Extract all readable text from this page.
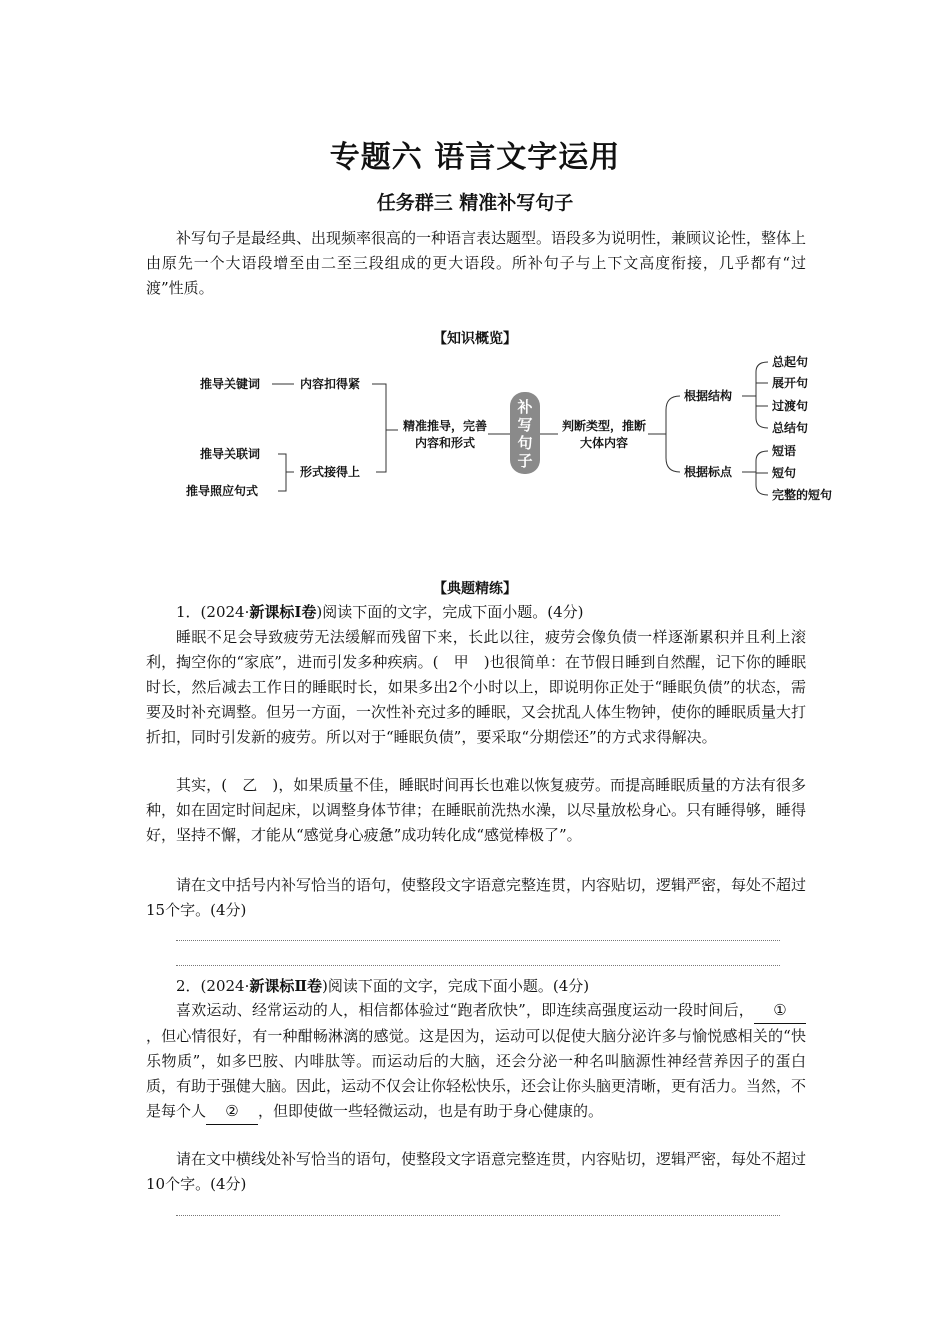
专题六 语言文字运用
任务群三 精准补写句子

补写句子是最经典、出现频率很高的一种语言表达题型。语段多为说明性，兼顾议论性，整体上由原先一个大语段增至由二至三段组成的更大语段。所补句子与上下文高度衔接，几乎都有“过渡”性质。

【知识概览】
推导关键词	内容扣得紧
推导关联词
推导照应句式
形式接得上
精准推导，完善内容和形式
补
写
句
子
判断类型，推断大体内容
根据结构
根据标点
总起句
展开句
过渡句
总结句
短语
短句
完整的短句
【典题精练】
1．(2024·新课标Ⅰ卷)阅读下面的文字，完成下面小题。(4分)

睡眠不足会导致疲劳无法缓解而残留下来，长此以往，疲劳会像负债一样逐渐累积并且利上滚利，掏空你的“家底”，进而引发多种疾病。(　甲　)也很简单：在节假日睡到自然醒，记下你的睡眠时长，然后减去工作日的睡眠时长，如果多出2个小时以上，即说明你正处于“睡眠负债”的状态，需要及时补充调整。但另一方面，一次性补充过多的睡眠，又会扰乱人体生物钟，使你的睡眠质量大打折扣，同时引发新的疲劳。所以对于“睡眠负债”，要采取“分期偿还”的方式求得解决。

其实，(　乙　)，如果质量不佳，睡眠时间再长也难以恢复疲劳。而提高睡眠质量的方法有很多种，如在固定时间起床，以调整身体节律；在睡眠前洗热水澡，以尽量放松身心。只有睡得够，睡得好，坚持不懈，才能从“感觉身心疲惫”成功转化成“感觉棒极了”。

请在文中括号内补写恰当的语句，使整段文字语意完整连贯，内容贴切，逻辑严密，每处不超过15个字。(4分)

2．(2024·新课标Ⅱ卷)阅读下面的文字，完成下面小题。(4分)

喜欢运动、经常运动的人，相信都体验过“跑者欣快”，即连续高强度运动一段时间后， ①，但心情很好，有一种酣畅淋漓的感觉。这是因为，运动可以促使大脑分泌许多与愉悦感相关的“快乐物质”，如多巴胺、内啡肽等。而运动后的大脑，还会分泌一种名叫脑源性神经营养因子的蛋白质，有助于强健大脑。因此，运动不仅会让你轻松快乐，还会让你头脑更清晰，更有活力。当然，不是每个人 ② ，但即使做一些轻微运动，也是有助于身心健康的。

请在文中横线处补写恰当的语句，使整段文字语意完整连贯，内容贴切，逻辑严密，每处不超过10个字。(4分)
